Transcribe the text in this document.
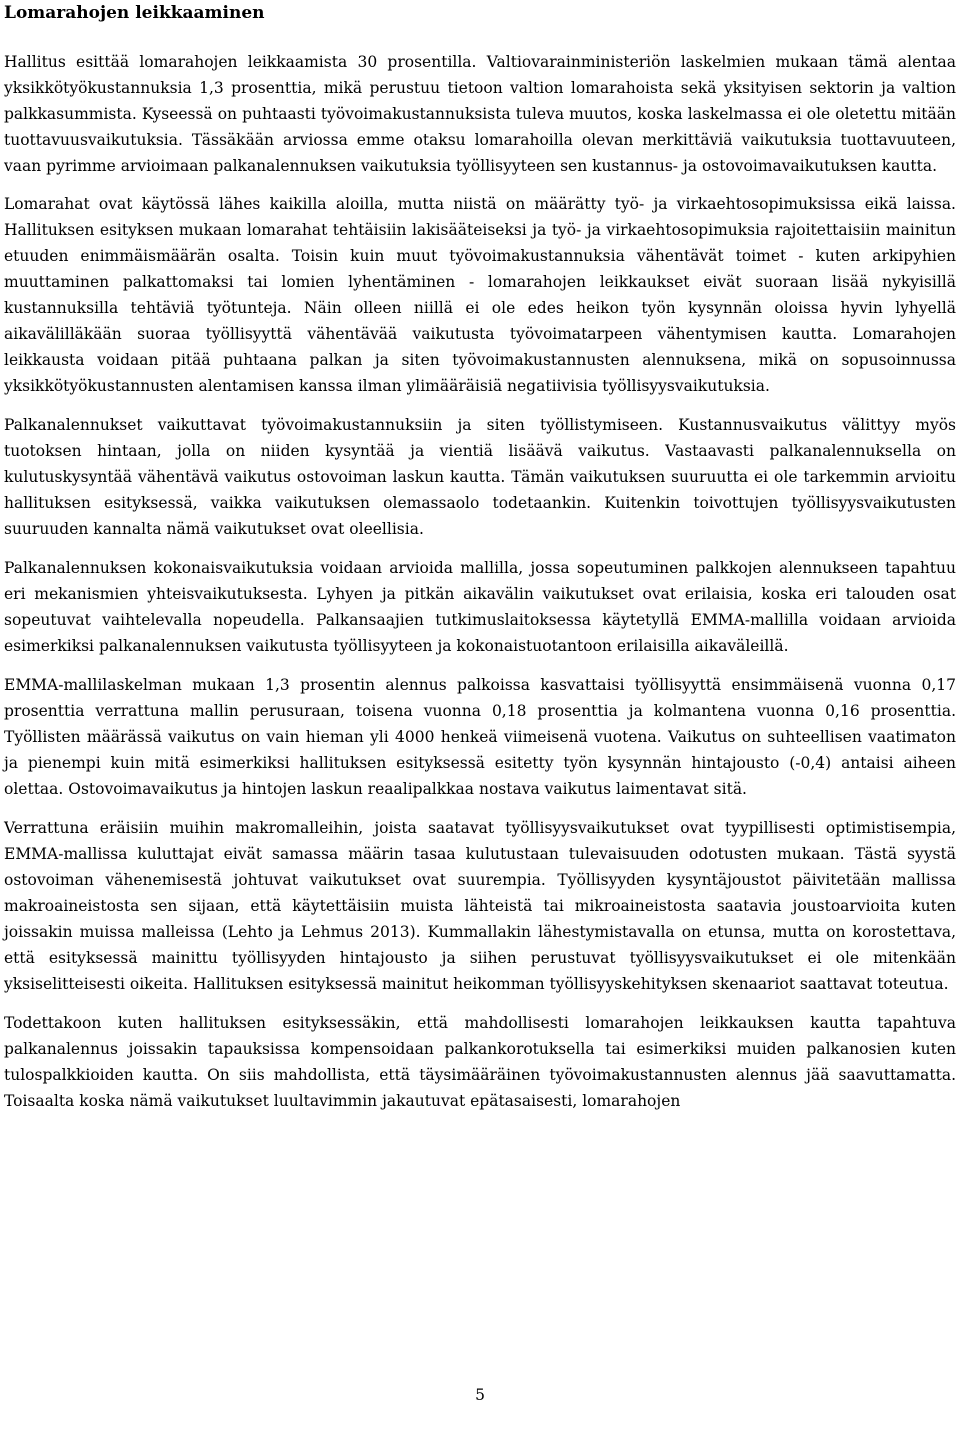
Lomarahojen leikkaaminen

Hallitus esittää lomarahojen leikkaamista 30 prosentilla. Valtiovarainministeriön laskelmien mukaan tämä alentaa yksikkötyökustannuksia 1,3 prosenttia, mikä perustuu tietoon valtion lomarahoista sekä yksityisen sektorin ja valtion palkkasummista. Kyseessä on puhtaasti työvoimakustannuksista tuleva muutos, koska laskelmassa ei ole oletettu mitään tuottavuusvaikutuksia. Tässäkään arviossa emme otaksu lomarahoilla olevan merkittäviä vaikutuksia tuottavuuteen, vaan pyrimme arvioimaan palkanalennuksen vaikutuksia työllisyyteen sen kustannus- ja ostovoimavaikutuksen kautta.

Lomarahat ovat käytössä lähes kaikilla aloilla, mutta niistä on määrätty työ- ja virkaehtosopimuksissa eikä laissa. Hallituksen esityksen mukaan lomarahat tehtäisiin lakisääteiseksi ja työ- ja virkaehtosopimuksia rajoitettaisiin mainitun etuuden enimmäismäärän osalta. Toisin kuin muut työvoimakustannuksia vähentävät toimet - kuten arkipyhien muuttaminen palkattomaksi tai lomien lyhentäminen - lomarahojen leikkaukset eivät suoraan lisää nykyisillä kustannuksilla tehtäviä työtunteja. Näin olleen niillä ei ole edes heikon työn kysynnän oloissa hyvin lyhyellä aikavälilläkään suoraa työllisyyttä vähentävää vaikutusta työvoimatarpeen vähentymisen kautta. Lomarahojen leikkausta voidaan pitää puhtaana palkan ja siten työvoimakustannusten alennuksena, mikä on sopusoinnussa yksikkötyökustannusten alentamisen kanssa ilman ylimääräisiä negatiivisia työllisyysvaikutuksia.

Palkanalennukset vaikuttavat työvoimakustannuksiin ja siten työllistymiseen. Kustannusvaikutus välittyy myös tuotoksen hintaan, jolla on niiden kysyntää ja vientiä lisäävä vaikutus. Vastaavasti palkanalennuksella on kulutuskysyntää vähentävä vaikutus ostovoiman laskun kautta. Tämän vaikutuksen suuruutta ei ole tarkemmin arvioitu hallituksen esityksessä, vaikka vaikutuksen olemassaolo todetaankin. Kuitenkin toivottujen työllisyysvaikutusten suuruuden kannalta nämä vaikutukset ovat oleellisia.

Palkanalennuksen kokonaisvaikutuksia voidaan arvioida mallilla, jossa sopeutuminen palkkojen alennukseen tapahtuu eri mekanismien yhteisvaikutuksesta. Lyhyen ja pitkän aikavälin vaikutukset ovat erilaisia, koska eri talouden osat sopeutuvat vaihtelevalla nopeudella. Palkansaajien tutkimuslaitoksessa käytetyllä EMMA-mallilla voidaan arvioida esimerkiksi palkanalennuksen vaikutusta työllisyyteen ja kokonaistuotantoon erilaisilla aikaväleillä.

EMMA-mallilaskelman mukaan 1,3 prosentin alennus palkoissa kasvattaisi työllisyyttä ensimmäisenä vuonna 0,17 prosenttia verrattuna mallin perusuraan, toisena vuonna 0,18 prosenttia ja kolmantena vuonna 0,16 prosenttia. Työllisten määrässä vaikutus on vain hieman yli 4000 henkeä viimeisenä vuotena. Vaikutus on suhteellisen vaatimaton ja pienempi kuin mitä esimerkiksi hallituksen esityksessä esitetty työn kysynnän hintajousto (-0,4) antaisi aiheen olettaa. Ostovoimavaikutus ja hintojen laskun reaalipalkkaa nostava vaikutus laimentavat sitä.

Verrattuna eräisiin muihin makromalleihin, joista saatavat työllisyysvaikutukset ovat tyypillisesti optimistisempia, EMMA-mallissa kuluttajat eivät samassa määrin tasaa kulutustaan tulevaisuuden odotusten mukaan. Tästä syystä ostovoiman vähenemisestä johtuvat vaikutukset ovat suurempia. Työllisyyden kysyntäjoustot päivitetään mallissa makroaineistosta sen sijaan, että käytettäisiin muista lähteistä tai mikroaineistosta saatavia joustoarvioita kuten joissakin muissa malleissa (Lehto ja Lehmus 2013). Kummallakin lähestymistavalla on etunsa, mutta on korostettava, että esityksessä mainittu työllisyyden hintajousto ja siihen perustuvat työllisyysvaikutukset ei ole mitenkään yksiselitteisesti oikeita. Hallituksen esityksessä mainitut heikomman työllisyyskehityksen skenaariot saattavat toteutua.

Todettakoon kuten hallituksen esityksessäkin, että mahdollisesti lomarahojen leikkauksen kautta tapahtuva palkanalennus joissakin tapauksissa kompensoidaan palkankorotuksella tai esimerkiksi muiden palkanosien kuten tulospalkkioiden kautta. On siis mahdollista, että täysimääräinen työvoimakustannusten alennus jää saavuttamatta. Toisaalta koska nämä vaikutukset luultavimmin jakautuvat epätasaisesti, lomarahojen

5
